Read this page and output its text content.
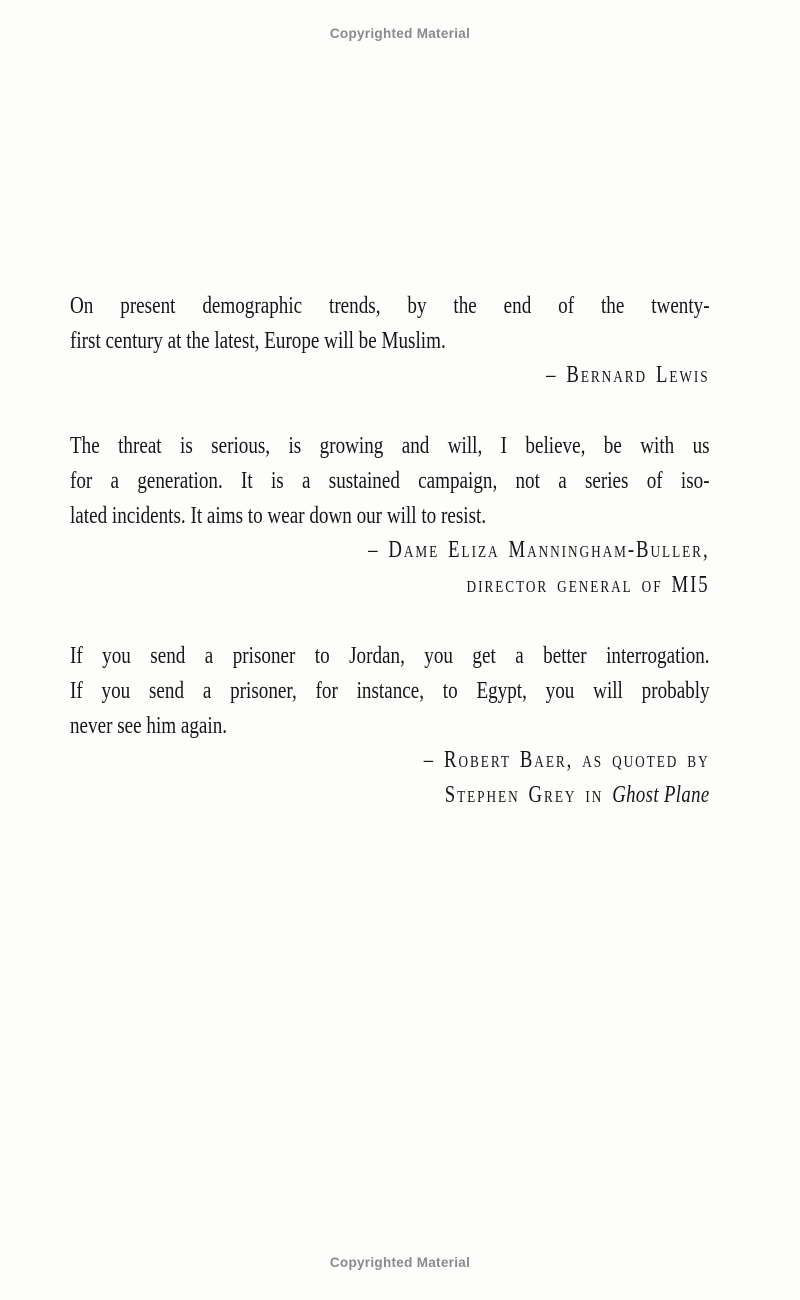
Copyrighted Material
On present demographic trends, by the end of the twenty-
first century at the latest, Europe will be Muslim.
– Bernard Lewis
The threat is serious, is growing and will, I believe, be with us
for a generation. It is a sustained campaign, not a series of iso-
lated incidents. It aims to wear down our will to resist.
– Dame Eliza Manningham-Buller,
director general of MI5
If you send a prisoner to Jordan, you get a better interrogation.
If you send a prisoner, for instance, to Egypt, you will probably
never see him again.
– Robert Baer, as quoted by
Stephen Grey in Ghost Plane
Copyrighted Material
